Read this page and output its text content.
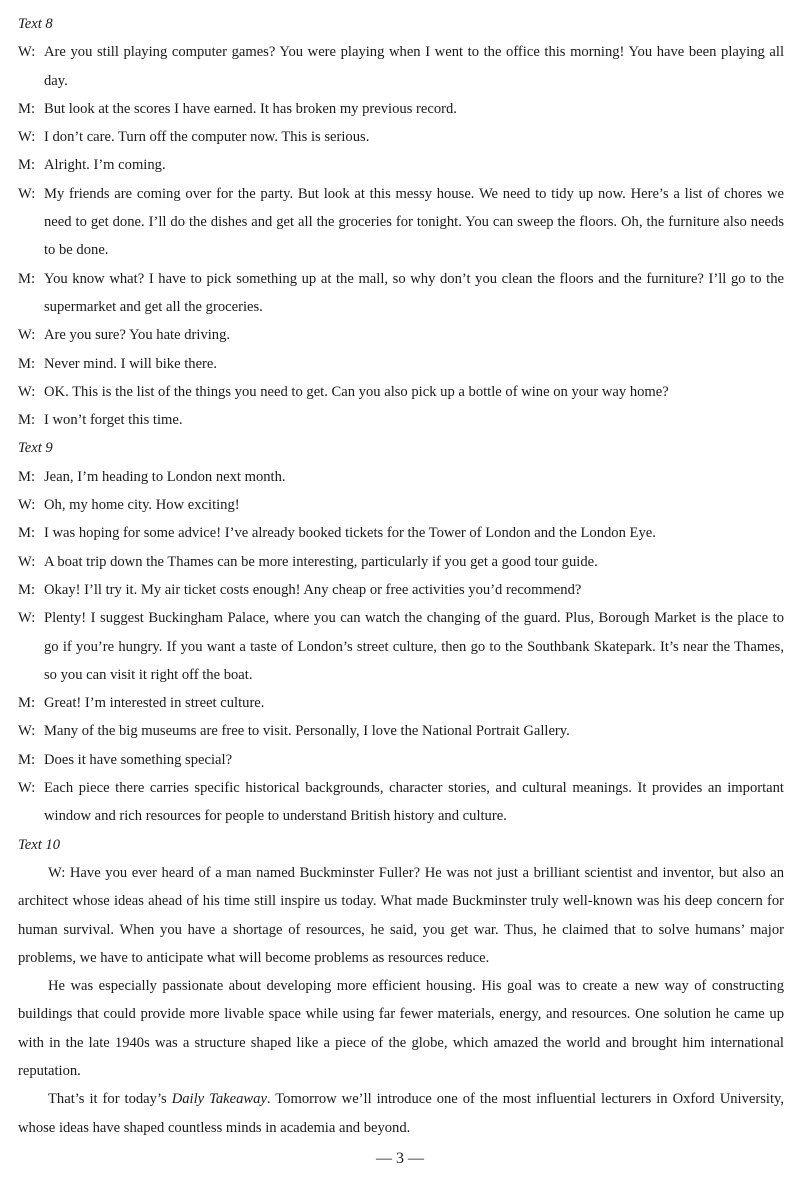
Text 8
W: Are you still playing computer games? You were playing when I went to the office this morning! You have been playing all day.
M: But look at the scores I have earned. It has broken my previous record.
W: I don’t care. Turn off the computer now. This is serious.
M: Alright. I’m coming.
W: My friends are coming over for the party. But look at this messy house. We need to tidy up now. Here’s a list of chores we need to get done. I’ll do the dishes and get all the groceries for tonight. You can sweep the floors. Oh, the furniture also needs to be done.
M: You know what? I have to pick something up at the mall, so why don’t you clean the floors and the furniture? I’ll go to the supermarket and get all the groceries.
W: Are you sure? You hate driving.
M: Never mind. I will bike there.
W: OK. This is the list of the things you need to get. Can you also pick up a bottle of wine on your way home?
M: I won’t forget this time.
Text 9
M: Jean, I’m heading to London next month.
W: Oh, my home city. How exciting!
M: I was hoping for some advice! I’ve already booked tickets for the Tower of London and the London Eye.
W: A boat trip down the Thames can be more interesting, particularly if you get a good tour guide.
M: Okay! I’ll try it. My air ticket costs enough! Any cheap or free activities you’d recommend?
W: Plenty! I suggest Buckingham Palace, where you can watch the changing of the guard. Plus, Borough Market is the place to go if you’re hungry. If you want a taste of London’s street culture, then go to the Southbank Skatepark. It’s near the Thames, so you can visit it right off the boat.
M: Great! I’m interested in street culture.
W: Many of the big museums are free to visit. Personally, I love the National Portrait Gallery.
M: Does it have something special?
W: Each piece there carries specific historical backgrounds, character stories, and cultural meanings. It provides an important window and rich resources for people to understand British history and culture.
Text 10

W: Have you ever heard of a man named Buckminster Fuller? He was not just a brilliant scientist and inventor, but also an architect whose ideas ahead of his time still inspire us today. What made Buckminster truly well-known was his deep concern for human survival. When you have a shortage of resources, he said, you get war. Thus, he claimed that to solve humans’ major problems, we have to anticipate what will become problems as resources reduce.

He was especially passionate about developing more efficient housing. His goal was to create a new way of constructing buildings that could provide more livable space while using far fewer materials, energy, and resources. One solution he came up with in the late 1940s was a structure shaped like a piece of the globe, which amazed the world and brought him international reputation.

That’s it for today’s Daily Takeaway. Tomorrow we’ll introduce one of the most influential lecturers in Oxford University, whose ideas have shaped countless minds in academia and beyond.

— 3 —
